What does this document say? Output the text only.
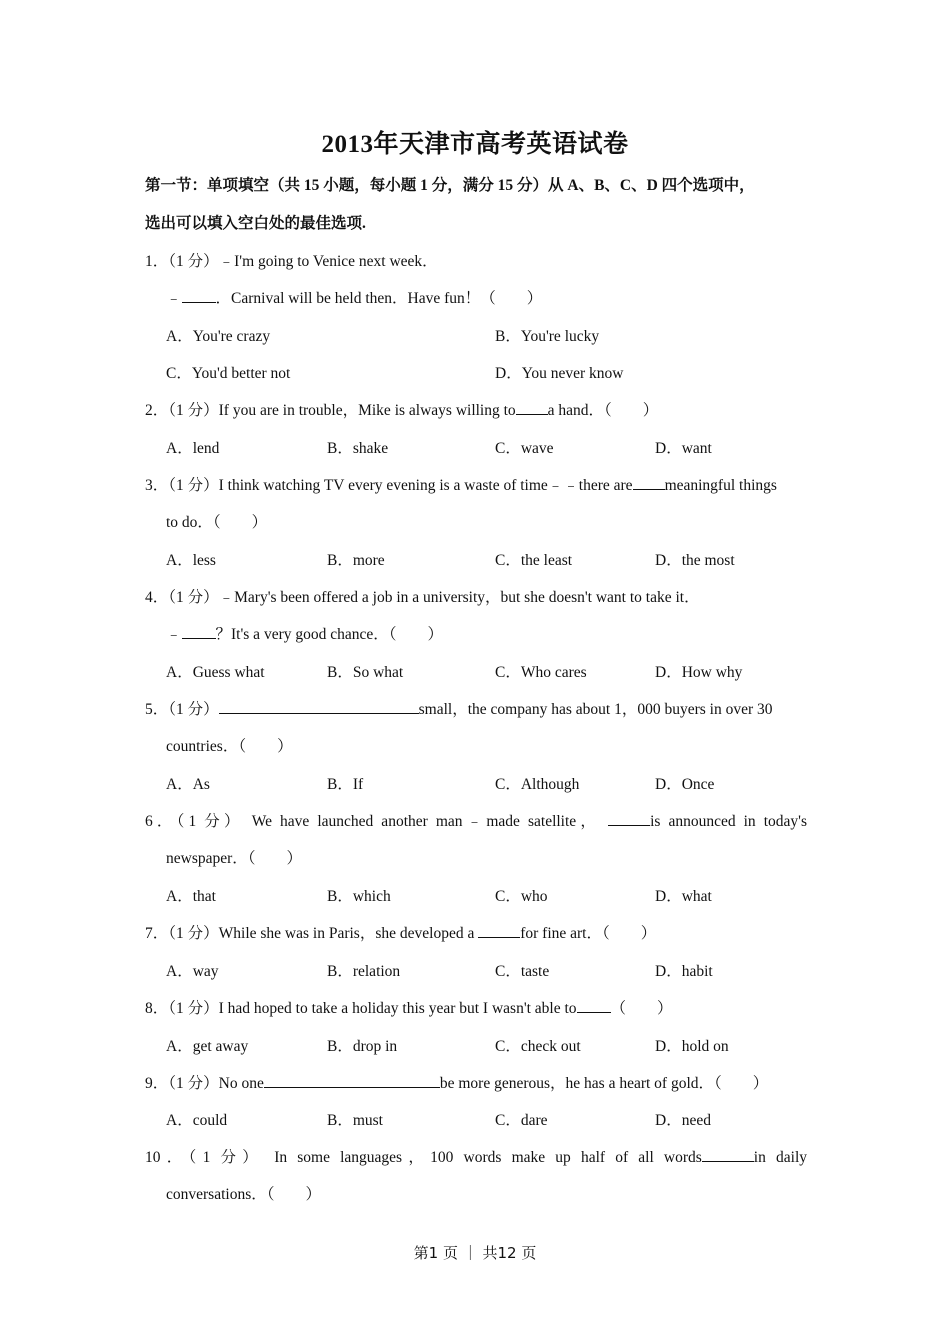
2013年天津市高考英语试卷
第一节：单项填空（共 15 小题，每小题 1 分，满分 15 分）从 A、B、C、D 四个选项中，
选出可以填入空白处的最佳选项.
1．（1 分）﹣I'm going to Venice next week．
﹣ ．Carnival will be held then．Have fun！（　　）
A．You're crazy	B．You're lucky
C．You'd better not	D．You never know
2．（1 分）If you are in trouble，Mike is always willing to a hand．（　　）
A．lend	B．shake	C．wave	D．want
3．（1 分）I think watching TV every evening is a waste of time﹣﹣there are meaningful things
to do．（　　）
A．less	B．more	C．the least	D．the most
4．（1 分）﹣Mary's been offered a job in a university，but she doesn't want to take it．
﹣ ？It's a very good chance．（　　）
A．Guess what	B．So what	C．Who cares	D．How why
5．（1 分）	small，the company has about 1，000 buyers in over 30
countries．（　　）
A．As	B．If	C．Although	D．Once
6．（1 分） We have launched another man﹣made satellite，	is announced in today's
newspaper．（　　）
A．that	B．which	C．who	D．what
7．（1 分）While she was in Paris，she developed a	for fine art．（　　）
A．way	B．relation	C．taste	D．habit
8．（1 分）I had hoped to take a holiday this year but I wasn't able to （　　）
A．get away	B．drop in	C．check out	D．hold on
9．（1 分）No one	be more generous，he has a heart of gold．（　　）
A．could	B．must	C．dare	D．need
10．（1 分） In some languages，100 words make up half of all words	in daily
conversations．（　　）
第1 页 ｜ 共12 页
